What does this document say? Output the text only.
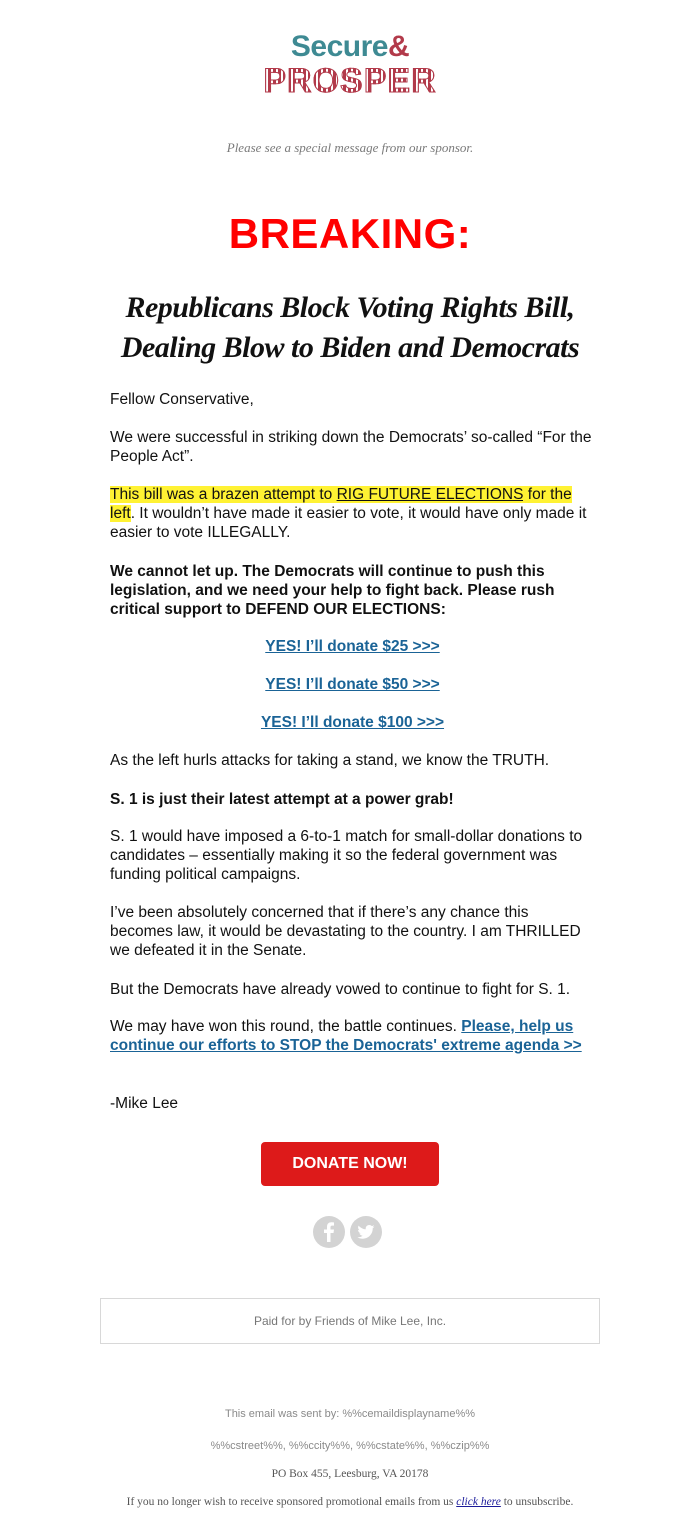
Secure&
PROSPER
Please see a special message from our sponsor.
BREAKING:
Republicans Block Voting Rights Bill,
Dealing Blow to Biden and Democrats

Fellow Conservative,

We were successful in striking down the Democrats’ so-called “For the People Act”.

This bill was a brazen attempt to RIG FUTURE ELECTIONS for the left. It wouldn’t have made it easier to vote, it would have only made it easier to vote ILLEGALLY.

We cannot let up. The Democrats will continue to push this legislation, and we need your help to fight back. Please rush critical support to DEFEND OUR ELECTIONS:

YES! I’ll donate $25 >>>
YES! I’ll donate $50 >>>
YES! I’ll donate $100 >>>

As the left hurls attacks for taking a stand, we know the TRUTH.

S. 1 is just their latest attempt at a power grab!

S. 1 would have imposed a 6-to-1 match for small-dollar donations to candidates – essentially making it so the federal government was funding political campaigns.

I’ve been absolutely concerned that if there’s any chance this becomes law, it would be devastating to the country. I am THRILLED we defeated it in the Senate.

But the Democrats have already vowed to continue to fight for S. 1.

We may have won this round, the battle continues. Please, help us continue our efforts to STOP the Democrats' extreme agenda >>

-Mike Lee

DONATE NOW!
Paid for by Friends of Mike Lee, Inc.
This email was sent by: %%cemaildisplayname%%
%%cstreet%%, %%ccity%%, %%cstate%%, %%czip%%
PO Box 455, Leesburg, VA 20178
If you no longer wish to receive sponsored promotional emails from us click here to unsubscribe.
